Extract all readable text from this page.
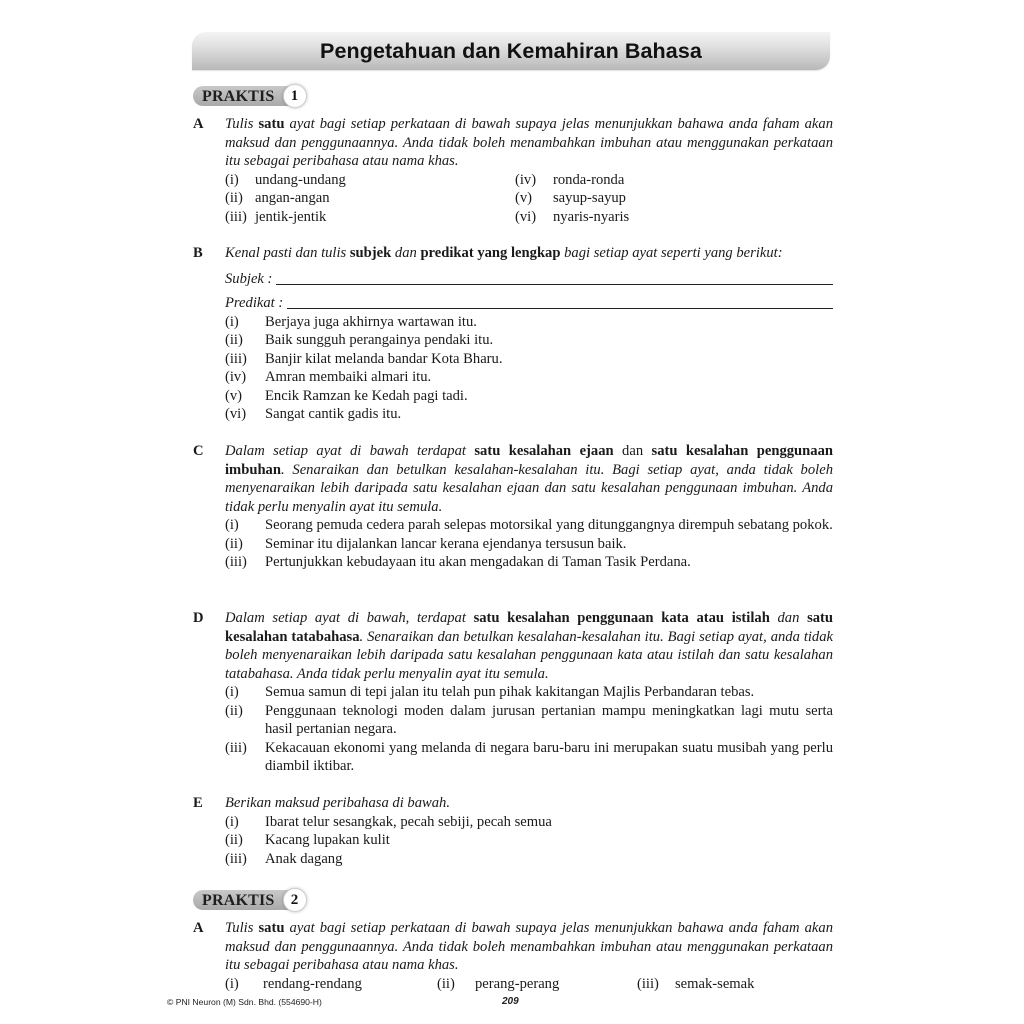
Pengetahuan dan Kemahiran Bahasa
PRAKTIS	1
A Tulis satu ayat bagi setiap perkataan di bawah supaya jelas menunjukkan bahawa anda faham akan maksud dan penggunaannya. Anda tidak boleh menambahkan imbuhan atau menggunakan perkataan itu sebagai peribahasa atau nama khas.
(i)	undang-undang	(iv)	ronda-ronda
(ii) angan-angan	(v)	sayup-sayup
(iii) jentik-jentik	(vi)	nyaris-nyaris
B Kenal pasti dan tulis subjek dan predikat yang lengkap bagi setiap ayat seperti yang berikut:
Subjek :
Predikat :
(i)	Berjaya juga akhirnya wartawan itu.
(ii)	Baik sungguh perangainya pendaki itu.
(iii)	Banjir kilat melanda bandar Kota Bharu.
(iv)	Amran membaiki almari itu.
(v)	Encik Ramzan ke Kedah pagi tadi.
(vi)	Sangat cantik gadis itu.
C Dalam setiap ayat di bawah terdapat satu kesalahan ejaan dan satu kesalahan penggunaan imbuhan. Senaraikan dan betulkan kesalahan-kesalahan itu. Bagi setiap ayat, anda tidak boleh menyenaraikan lebih daripada satu kesalahan ejaan dan satu kesalahan penggunaan imbuhan. Anda tidak perlu menyalin ayat itu semula.
(i)	Seorang pemuda cedera parah selepas motorsikal yang ditunggangnya dirempuh sebatang pokok.
(ii)	Seminar itu dijalankan lancar kerana ejendanya tersusun baik.
(iii)	Pertunjukkan kebudayaan itu akan mengadakan di Taman Tasik Perdana.
D Dalam setiap ayat di bawah, terdapat satu kesalahan penggunaan kata atau istilah dan satu kesalahan tatabahasa. Senaraikan dan betulkan kesalahan-kesalahan itu. Bagi setiap ayat, anda tidak boleh menyenaraikan lebih daripada satu kesalahan penggunaan kata atau istilah dan satu kesalahan tatabahasa. Anda tidak perlu menyalin ayat itu semula.
(i)	Semua samun di tepi jalan itu telah pun pihak kakitangan Majlis Perbandaran tebas.
(ii)	Penggunaan teknologi moden dalam jurusan pertanian mampu meningkatkan lagi mutu serta hasil pertanian negara.
(iii)	Kekacauan ekonomi yang melanda di negara baru-baru ini merupakan suatu musibah yang perlu diambil iktibar.
E Berikan maksud peribahasa di bawah.
(i)	Ibarat telur sesangkak, pecah sebiji, pecah semua
(ii)	Kacang lupakan kulit
(iii)	Anak dagang
PRAKTIS	2
A Tulis satu ayat bagi setiap perkataan di bawah supaya jelas menunjukkan bahawa anda faham akan maksud dan penggunaannya. Anda tidak boleh menambahkan imbuhan atau menggunakan perkataan itu sebagai peribahasa atau nama khas.
(i)	rendang-rendang	(ii)	perang-perang	(iii)	semak-semak
© PNI Neuron (M) Sdn. Bhd. (554690-H)	209
